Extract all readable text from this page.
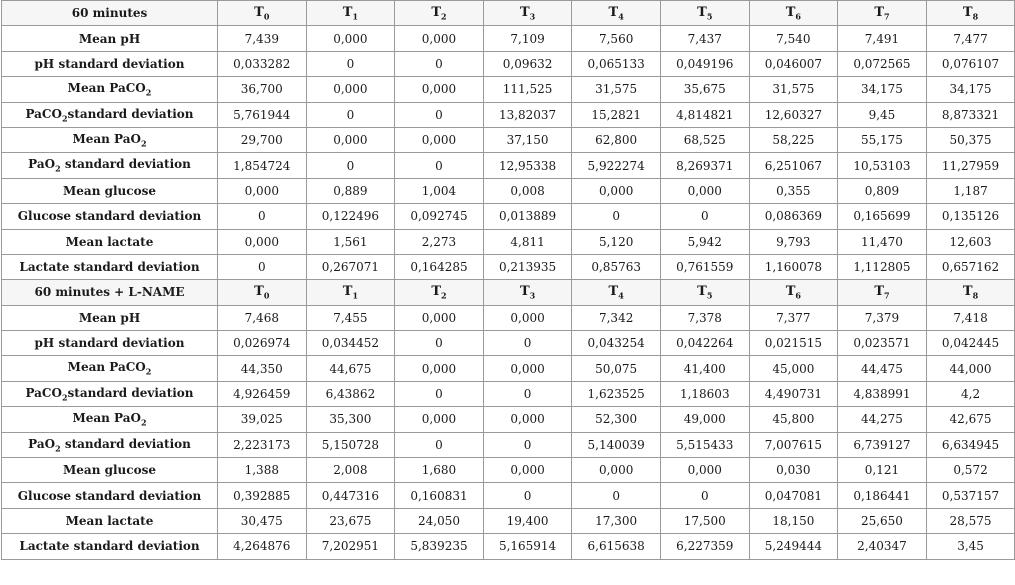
60 minutes	$T_0$	$T_1$	$T_2$	$T_3$	$T_4$	$T_5$	$T_6$	$T_7$	$T_8$
Mean pH	7,439	0,000	0,000	7,109	7,560	7,437	7,540	7,491	7,477
pH standard deviation	0,033282	0	0	0,09632	0,065133	0,049196	0,046007	0,072565	0,076107
Mean PaCO$_2$	36,700	0,000	0,000	111,525	31,575	35,675	31,575	34,175	34,175
PaCO$_2$standard deviation	5,761944	0	0	13,82037	15,2821	4,814821	12,60327	9,45	8,873321
Mean PaO$_2$	29,700	0,000	0,000	37,150	62,800	68,525	58,225	55,175	50,375
PaO$_2$ standard deviation	1,854724	0	0	12,95338	5,922274	8,269371	6,251067	10,53103	11,27959
Mean glucose	0,000	0,889	1,004	0,008	0,000	0,000	0,355	0,809	1,187
Glucose standard deviation	0	0,122496	0,092745	0,013889	0	0	0,086369	0,165699	0,135126
Mean lactate	0,000	1,561	2,273	4,811	5,120	5,942	9,793	11,470	12,603
Lactate standard deviation	0	0,267071	0,164285	0,213935	0,85763	0,761559	1,160078	1,112805	0,657162
60 minutes + L-NAME	$T_0$	$T_1$	$T_2$	$T_3$	$T_4$	$T_5$	$T_6$	$T_7$	$T_8$
Mean pH	7,468	7,455	0,000	0,000	7,342	7,378	7,377	7,379	7,418
pH standard deviation	0,026974	0,034452	0	0	0,043254	0,042264	0,021515	0,023571	0,042445
Mean PaCO$_2$	44,350	44,675	0,000	0,000	50,075	41,400	45,000	44,475	44,000
PaCO$_2$standard deviation	4,926459	6,43862	0	0	1,623525	1,18603	4,490731	4,838991	4,2
Mean PaO$_2$	39,025	35,300	0,000	0,000	52,300	49,000	45,800	44,275	42,675
PaO$_2$ standard deviation	2,223173	5,150728	0	0	5,140039	5,515433	7,007615	6,739127	6,634945
Mean glucose	1,388	2,008	1,680	0,000	0,000	0,000	0,030	0,121	0,572
Glucose standard deviation	0,392885	0,447316	0,160831	0	0	0	0,047081	0,186441	0,537157
Mean lactate	30,475	23,675	24,050	19,400	17,300	17,500	18,150	25,650	28,575
Lactate standard deviation	4,264876	7,202951	5,839235	5,165914	6,615638	6,227359	5,249444	2,40347	3,45
